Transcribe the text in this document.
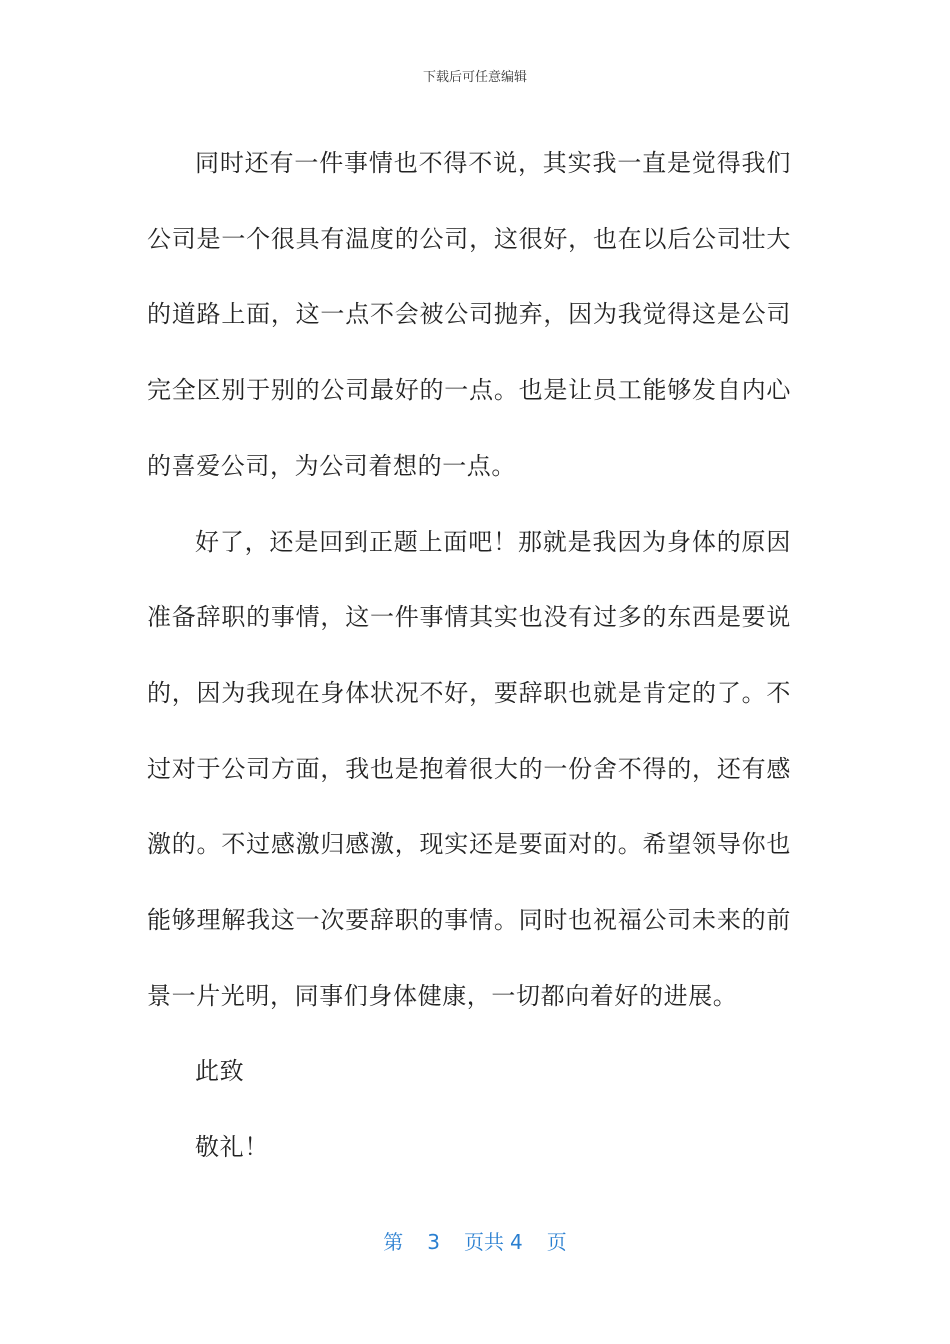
下载后可任意编辑

同时还有一件事情也不得不说，其实我一直是觉得我们公司是一个很具有温度的公司，这很好，也在以后公司壮大的道路上面，这一点不会被公司抛弃，因为我觉得这是公司完全区别于别的公司最好的一点。也是让员工能够发自内心的喜爱公司，为公司着想的一点。

好了，还是回到正题上面吧！那就是我因为身体的原因准备辞职的事情，这一件事情其实也没有过多的东西是要说的，因为我现在身体状况不好，要辞职也就是肯定的了。不过对于公司方面，我也是抱着很大的一份舍不得的，还有感激的。不过感激归感激，现实还是要面对的。希望领导你也能够理解我这一次要辞职的事情。同时也祝福公司未来的前景一片光明，同事们身体健康，一切都向着好的进展。

此致

敬礼！

第 3 页共 4 页
